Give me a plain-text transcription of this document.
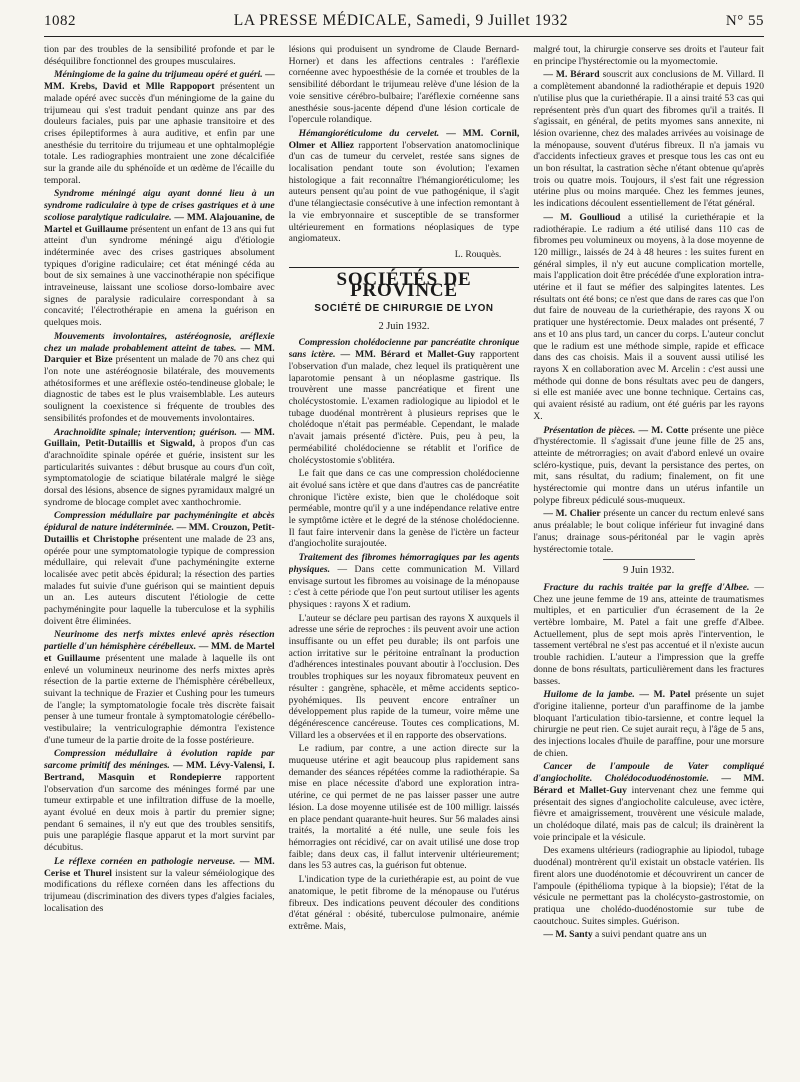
1082	LA PRESSE MÉDICALE, Samedi, 9 Juillet 1932	N° 55

tion par des troubles de la sensibilité profonde et par le déséquilibre fonctionnel des groupes musculaires.

Méningiome de la gaine du trijumeau opéré et guéri. — MM. Krebs, David et Mlle Rappoport présentent un malade opéré avec succès d'un méningiome de la gaine du trijumeau qui s'est traduit pendant quinze ans par des douleurs faciales, puis par une aphasie transitoire et des crises épileptiformes à aura auditive, et enfin par une anesthésie du territoire du trijumeau et une ophtalmoplégie totale. Les radiographies montraient une zone décalcifiée sur la grande aile du sphénoïde et un œdème de l'écaille du temporal.

Syndrome méningé aigu ayant donné lieu à un syndrome radiculaire à type de crises gastriques et à une scoliose paralytique radiculaire. — MM. Alajouanine, de Martel et Guillaume présentent un enfant de 13 ans qui fut atteint d'un syndrome méningé aigu d'étiologie indéterminée avec des crises gastriques absolument typiques d'origine radiculaire; cet état méningé céda au bout de six semaines à une vaccinothérapie non spécifique intraveineuse, laissant une scoliose dorso-lombaire avec signes de paralysie radiculaire correspondant à sa concavité; l'électrothérapie en amena la guérison en quelques mois.

Mouvements involontaires, astéréognosie, aréflexie chez un malade probablement atteint de tabes. — MM. Darquier et Bize présentent un malade de 70 ans chez qui l'on note une astéréognosie bilatérale, des mouvements athétosiformes et une aréflexie ostéo-tendineuse globale; le diagnostic de tabes est le plus vraisemblable. Les auteurs soulignent la coexistence si fréquente de troubles des sensibilités profondes et de mouvements involontaires.

Arachnoïdite spinale; intervention; guérison. — MM. Guillain, Petit-Dutaillis et Sigwald, à propos d'un cas d'arachnoïdite spinale opérée et guérie, insistent sur les particularités suivantes : début brusque au cours d'un coït, symptomatologie de sciatique bilatérale malgré le siège dorsal des lésions, absence de signes pyramidaux malgré un syndrome de blocage complet avec xanthochromie.

Compression médullaire par pachyméningite et abcès épidural de nature indéterminée. — MM. Crouzon, Petit-Dutaillis et Christophe présentent une malade de 23 ans, opérée pour une symptomatologie typique de compression médullaire, qui relevait d'une pachyméningite externe localisée avec petit abcès épidural; la résection des parties malades fut suivie d'une guérison qui se maintient depuis un an. Les auteurs discutent l'étiologie de cette pachyméningite pour laquelle la tuberculose et la syphilis doivent être éliminées.

Neurinome des nerfs mixtes enlevé après résection partielle d'un hémisphère cérébelleux. — MM. de Martel et Guillaume présentent une malade à laquelle ils ont enlevé un volumineux neurinome des nerfs mixtes après résection de la partie externe de l'hémisphère cérébelleux, suivant la technique de Frazier et Cushing pour les tumeurs de l'angle; la symptomatologie focale très discrète faisait penser à une tumeur frontale à symptomatologie cérébello-vestibulaire; la ventriculographie démontra l'existence d'une tumeur de la partie droite de la fosse postérieure.

Compression médullaire à évolution rapide par sarcome primitif des méninges. — MM. Lévy-Valensi, I. Bertrand, Masquin et Rondepierre rapportent l'observation d'un sarcome des méninges formé par une tumeur extirpable et une infiltration diffuse de la moelle, ayant évolué en deux mois à partir du premier signe; pendant 6 semaines, il n'y eut que des troubles sensitifs, puis une paraplégie flasque apparut et la mort survint par décubitus.

Le réflexe cornéen en pathologie nerveuse. — MM. Cerise et Thurel insistent sur la valeur séméiologique des modifications du réflexe cornéen dans les affections du trijumeau (discrimination des divers types d'algies faciales, localisation des

lésions qui produisent un syndrome de Claude Bernard-Horner) et dans les affections centrales : l'aréflexie cornéenne avec hypoesthésie de la cornée et troubles de la sensibilité débordant le trijumeau relève d'une lésion de la voie sensitive cérébro-bulbaire; l'aréflexie cornéenne sans anesthésie sous-jacente dépend d'une lésion corticale de l'opercule rolandique.

Hémangioréticulome du cervelet. — MM. Cornil, Olmer et Alliez rapportent l'observation anatomoclinique d'un cas de tumeur du cervelet, restée sans signes de localisation pendant toute son évolution; l'examen histologique a fait reconnaître l'hémangioréticulome; les auteurs pensent qu'au point de vue pathogénique, il s'agit d'une télangiectasie consécutive à une infection remontant à la vie embryonnaire et susceptible de se transformer ultérieurement en formations néoplasiques de type angiomateux.

L. Rouquès.
SOCIÉTÉS DE PROVINCE
SOCIÉTÉ DE CHIRURGIE DE LYON
2 Juin 1932.

Compression cholédocienne par pancréatite chronique sans ictère. — MM. Bérard et Mallet-Guy rapportent l'observation d'un malade, chez lequel ils pratiquèrent une laparotomie pensant à un néoplasme gastrique. Ils trouvèrent une masse pancréatique et firent une cholécystostomie. L'examen radiologique au lipiodol et le tubage duodénal montrèrent à plusieurs reprises que le cholédoque n'était pas perméable. Cependant, le malade n'avait jamais présenté d'ictère. Puis, peu à peu, la perméabilité cholédocienne se rétablit et l'orifice de cholécystostomie s'oblitéra.

Le fait que dans ce cas une compression cholédocienne ait évolué sans ictère et que dans d'autres cas de pancréatite chronique l'ictère existe, bien que le cholédoque soit perméable, montre qu'il y a une indépendance relative entre le symptôme ictère et le degré de la sténose cholédocienne. Il faut faire intervenir dans la genèse de l'ictère un facteur d'angiocholite surajoutée.

Traitement des fibromes hémorragiques par les agents physiques. — Dans cette communication M. Villard envisage surtout les fibromes au voisinage de la ménopause : c'est à cette période que l'on peut surtout utiliser les agents physiques : rayons X et radium.

L'auteur se déclare peu partisan des rayons X auxquels il adresse une série de reproches : ils peuvent avoir une action insuffisante ou un effet peu durable; ils ont parfois une action irritative sur le péritoine entraînant la production d'adhérences intestinales pouvant aboutir à l'occlusion. Des troubles trophiques sur les noyaux fibromateux peuvent en résulter : gangrène, sphacèle, et même accidents septico-pyohémiques. Ils peuvent encore entraîner un développement plus rapide de la tumeur, voire même une dégénérescence cancéreuse. Toutes ces complications, M. Villard les a observées et il en rapporte des observations.

Le radium, par contre, a une action directe sur la muqueuse utérine et agit beaucoup plus rapidement sans demander des séances répétées comme la radiothérapie. Sa mise en place nécessite d'abord une exploration intra-utérine, ce qui permet de ne pas laisser passer une autre lésion. La dose moyenne utilisée est de 100 milligr. laissés en place pendant quarante-huit heures. Sur 56 malades ainsi traités, la mortalité a été nulle, une seule fois les hémorragies ont récidivé, car on avait utilisé une dose trop faible; dans deux cas, il fallut intervenir ultérieurement; dans les 53 autres cas, la guérison fut obtenue.

L'indication type de la curiethérapie est, au point de vue anatomique, le petit fibrome de la ménopause ou l'utérus fibreux. Des indications peuvent découler des conditions d'état général : obésité, tuberculose pulmonaire, anémie extrême. Mais,

malgré tout, la chirurgie conserve ses droits et l'auteur fait en principe l'hystérectomie ou la myomectomie.

— M. Bérard souscrit aux conclusions de M. Villard. Il a complètement abandonné la radiothérapie et depuis 1920 n'utilise plus que la curiethérapie. Il a ainsi traité 53 cas qui représentent près d'un quart des fibromes qu'il a traités. Il s'agissait, en général, de petits myomes sans annexite, ni lésion ovarienne, chez des malades arrivées au voisinage de la ménopause, souvent d'utérus fibreux. Il n'a jamais vu d'accidents infectieux graves et presque tous les cas ont eu un bon résultat, la castration sèche n'étant obtenue qu'après trois ou quatre mois. Toujours, il s'est fait une régression utérine plus ou moins marquée. Chez les femmes jeunes, les indications découlent essentiellement de l'état général.

— M. Goullioud a utilisé la curiethérapie et la radiothérapie. Le radium a été utilisé dans 110 cas de fibromes peu volumineux ou moyens, à la dose moyenne de 120 milligr., laissés de 24 à 48 heures : les suites furent en général simples, il n'y eut aucune complication mortelle, mais l'application doit être précédée d'une exploration intra-utérine et il faut se méfier des salpingites latentes. Les résultats ont été bons; ce n'est que dans de rares cas que l'on dut faire de nouveau de la curiethérapie, des rayons X ou pratiquer une hystérectomie. Deux malades ont présenté, 7 ans et 10 ans plus tard, un cancer du corps. L'auteur conclut que le radium est une méthode simple, rapide et efficace dans des cas choisis. Mais il a souvent aussi utilisé les rayons X en collaboration avec M. Arcelin : c'est aussi une méthode qui donne de bons résultats avec peu de dangers, si elle est maniée avec une bonne technique. Certains cas, qui avaient résisté au radium, ont été guéris par les rayons X.

Présentation de pièces. — M. Cotte présente une pièce d'hystérectomie. Il s'agissait d'une jeune fille de 25 ans, atteinte de métrorragies; on avait d'abord enlevé un ovaire scléro-kystique, puis, devant la persistance des pertes, on mit, sans résultat, du radium; finalement, on fit une hystérectomie qui montre dans un utérus infantile un polype fibreux pédiculé sous-muqueux.

— M. Chalier présente un cancer du rectum enlevé sans anus préalable; le bout colique inférieur fut invaginé dans l'anus; drainage sous-péritonéal par le vagin après hystérectomie totale.

9 Juin 1932.

Fracture du rachis traitée par la greffe d'Albee. — Chez une jeune femme de 19 ans, atteinte de traumatismes multiples, et en particulier d'un écrasement de la 2e vertèbre lombaire, M. Patel a fait une greffe d'Albee. Actuellement, plus de sept mois après l'intervention, le tassement vertébral ne s'est pas accentué et il n'existe aucun trouble rachidien. L'auteur a l'impression que la greffe donne de bons résultats, particulièrement dans les fractures basses.

Huilome de la jambe. — M. Patel présente un sujet d'origine italienne, porteur d'un paraffinome de la jambe bloquant l'articulation tibio-tarsienne, et contre lequel la chirurgie ne peut rien. Ce sujet aurait reçu, à l'âge de 5 ans, des injections locales d'huile de paraffine, pour une morsure de chien.

Cancer de l'ampoule de Vater compliqué d'angiocholite. Cholédocoduodénostomie. — MM. Bérard et Mallet-Guy intervenant chez une femme qui présentait des signes d'angiocholite calculeuse, avec ictère, fièvre et amaigrissement, trouvèrent une vésicule malade, un cholédoque dilaté, mais pas de calcul; ils drainèrent la voie principale et la vésicule.

Des examens ultérieurs (radiographie au lipiodol, tubage duodénal) montrèrent qu'il existait un obstacle vatérien. Ils firent alors une duodénotomie et découvrirent un cancer de l'ampoule (épithélioma typique à la biopsie); l'état de la vésicule ne permettant pas la cholécysto-gastrostomie, on pratiqua une cholédo-duodénostomie sur tube de caoutchouc. Suites simples. Guérison.

— M. Santy a suivi pendant quatre ans un
